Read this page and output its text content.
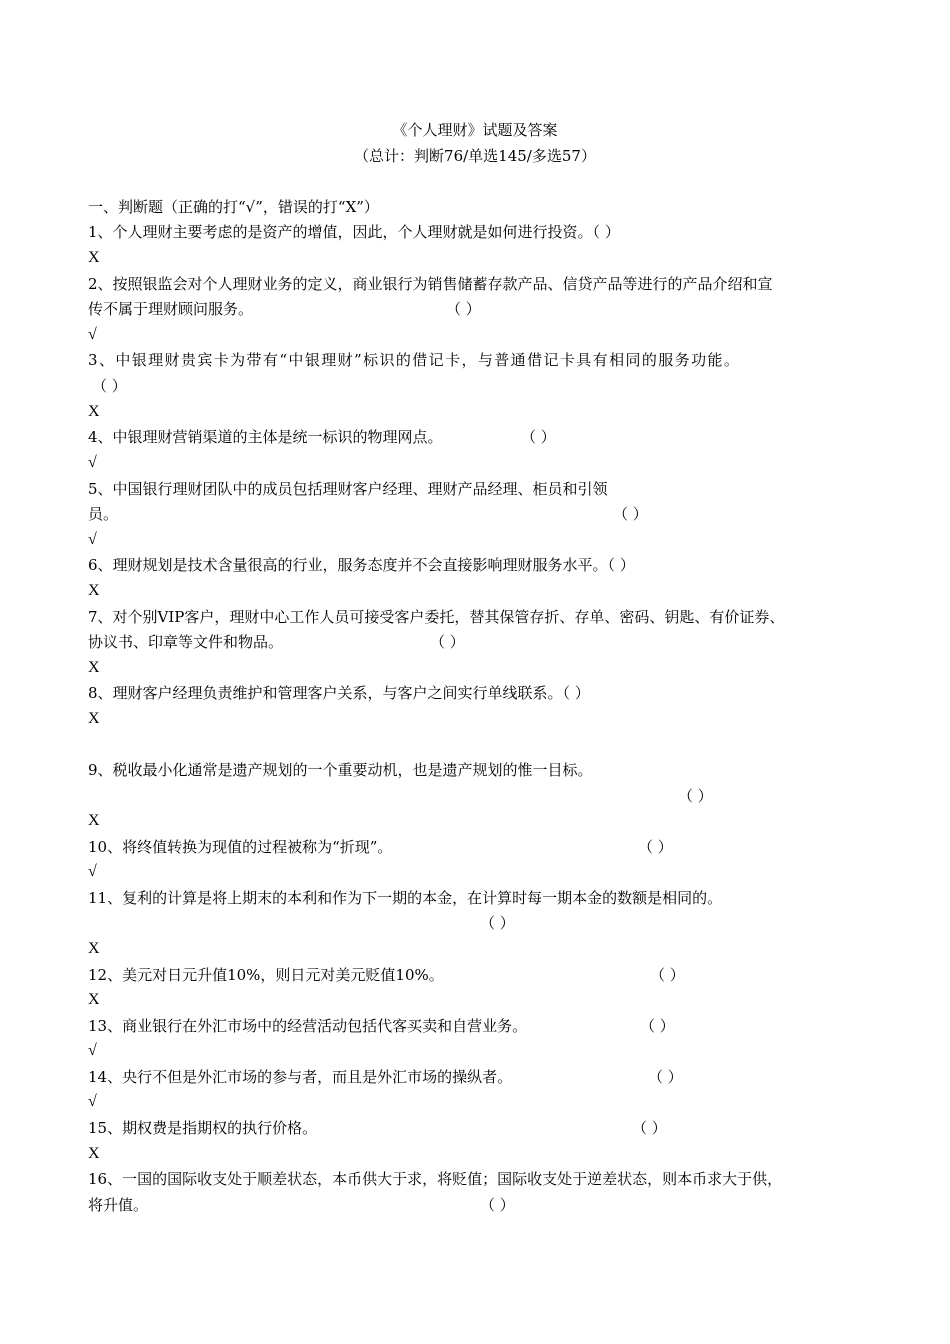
《个人理财》试题及答案
（总计：判断76/单选145/多选57）
一、判断题（正确的打“√”，错误的打“X”）
1、个人理财主要考虑的是资产的增值，因此，个人理财就是如何进行投资。（ ）
X
2、按照银监会对个人理财业务的定义，商业银行为销售储蓄存款产品、信贷产品等进行的产品介绍和宣
传不属于理财顾问服务。	（ ）
√
3、中银理财贵宾卡为带有“中银理财”标识的借记卡，与普通借记卡具有相同的服务功能。
（ ）
X
4、中银理财营销渠道的主体是统一标识的物理网点。	（ ）
√
5、中国银行理财团队中的成员包括理财客户经理、理财产品经理、柜员和引领
员。	（ ）
√
6、理财规划是技术含量很高的行业，服务态度并不会直接影响理财服务水平。（ ）
X
7、对个别VIP客户，理财中心工作人员可接受客户委托，替其保管存折、存单、密码、钥匙、有价证券、
协议书、印章等文件和物品。	（ ）
X
8、理财客户经理负责维护和管理客户关系，与客户之间实行单线联系。（ ）
X
9、税收最小化通常是遗产规划的一个重要动机，也是遗产规划的惟一目标。
（ ）
X
10、将终值转换为现值的过程被称为“折现”。	（ ）
√
11、复利的计算是将上期末的本利和作为下一期的本金，在计算时每一期本金的数额是相同的。
（ ）
X
12、美元对日元升值10%，则日元对美元贬值10%。	（ ）
X
13、商业银行在外汇市场中的经营活动包括代客买卖和自营业务。	（ ）
√
14、央行不但是外汇市场的参与者，而且是外汇市场的操纵者。	（ ）
√
15、期权费是指期权的执行价格。	（ ）
X
16、一国的国际收支处于顺差状态，本币供大于求，将贬值；国际收支处于逆差状态，则本币求大于供，
将升值。	（ ）
